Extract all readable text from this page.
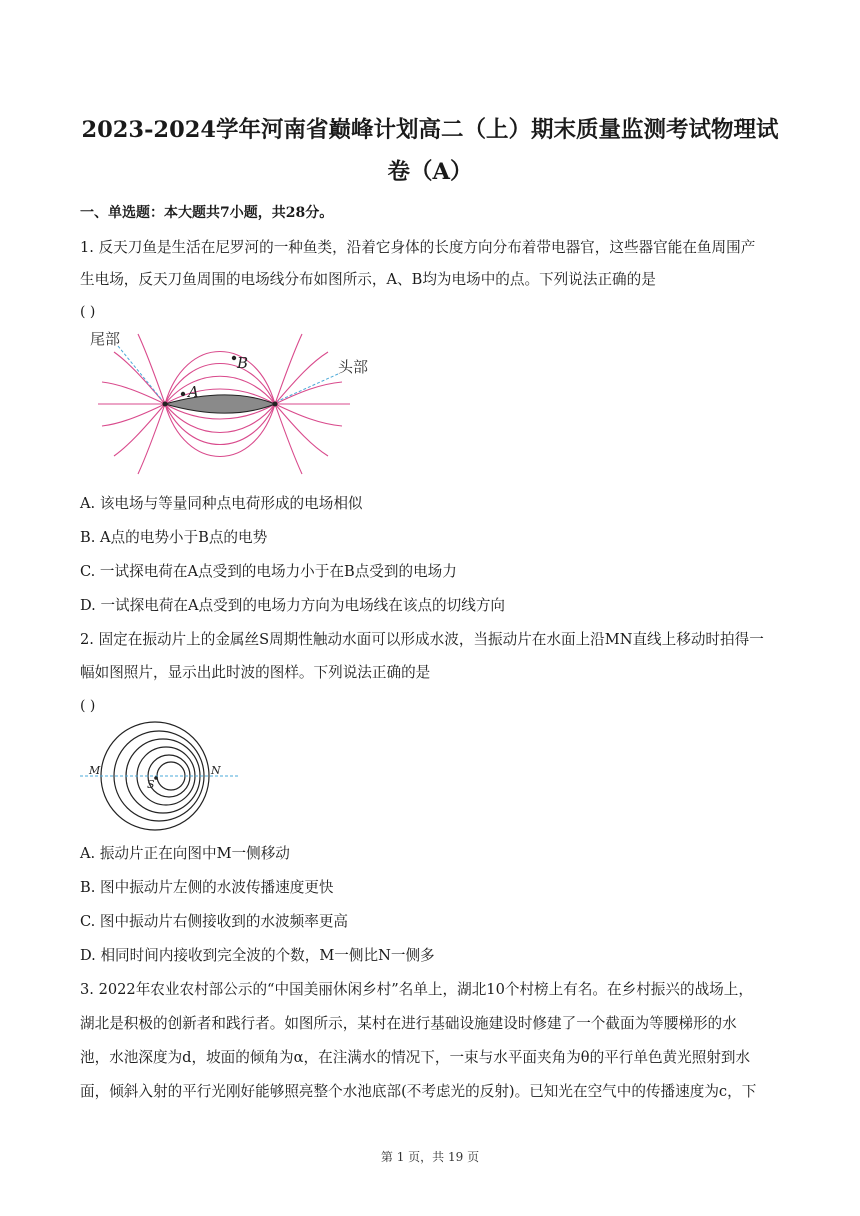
2023-2024学年河南省巅峰计划高二（上）期末质量监测考试物理试
卷（A）
一、单选题：本大题共7小题，共28分。
1. 反天刀鱼是生活在尼罗河的一种鱼类，沿着它身体的长度方向分布着带电器官，这些器官能在鱼周围产
生电场，反天刀鱼周围的电场线分布如图所示，A、B均为电场中的点。下列说法正确的是
( )
尾部
头部
A
B
A. 该电场与等量同种点电荷形成的电场相似
B. A点的电势小于B点的电势
C. 一试探电荷在A点受到的电场力小于在B点受到的电场力
D. 一试探电荷在A点受到的电场力方向为电场线在该点的切线方向
2. 固定在振动片上的金属丝S周期性触动水面可以形成水波，当振动片在水面上沿MN直线上移动时拍得一
幅如图照片，显示出此时波的图样。下列说法正确的是
( )
M	N
S
A. 振动片正在向图中M一侧移动
B. 图中振动片左侧的水波传播速度更快
C. 图中振动片右侧接收到的水波频率更高
D. 相同时间内接收到完全波的个数，M一侧比N一侧多
3. 2022年农业农村部公示的“中国美丽休闲乡村”名单上，湖北10个村榜上有名。在乡村振兴的战场上，
湖北是积极的创新者和践行者。如图所示，某村在进行基础设施建设时修建了一个截面为等腰梯形的水
池，水池深度为d，坡面的倾角为α，在注满水的情况下，一束与水平面夹角为θ的平行单色黄光照射到水
面，倾斜入射的平行光刚好能够照亮整个水池底部(不考虑光的反射)。已知光在空气中的传播速度为c，下
第 1 页，共 19 页
